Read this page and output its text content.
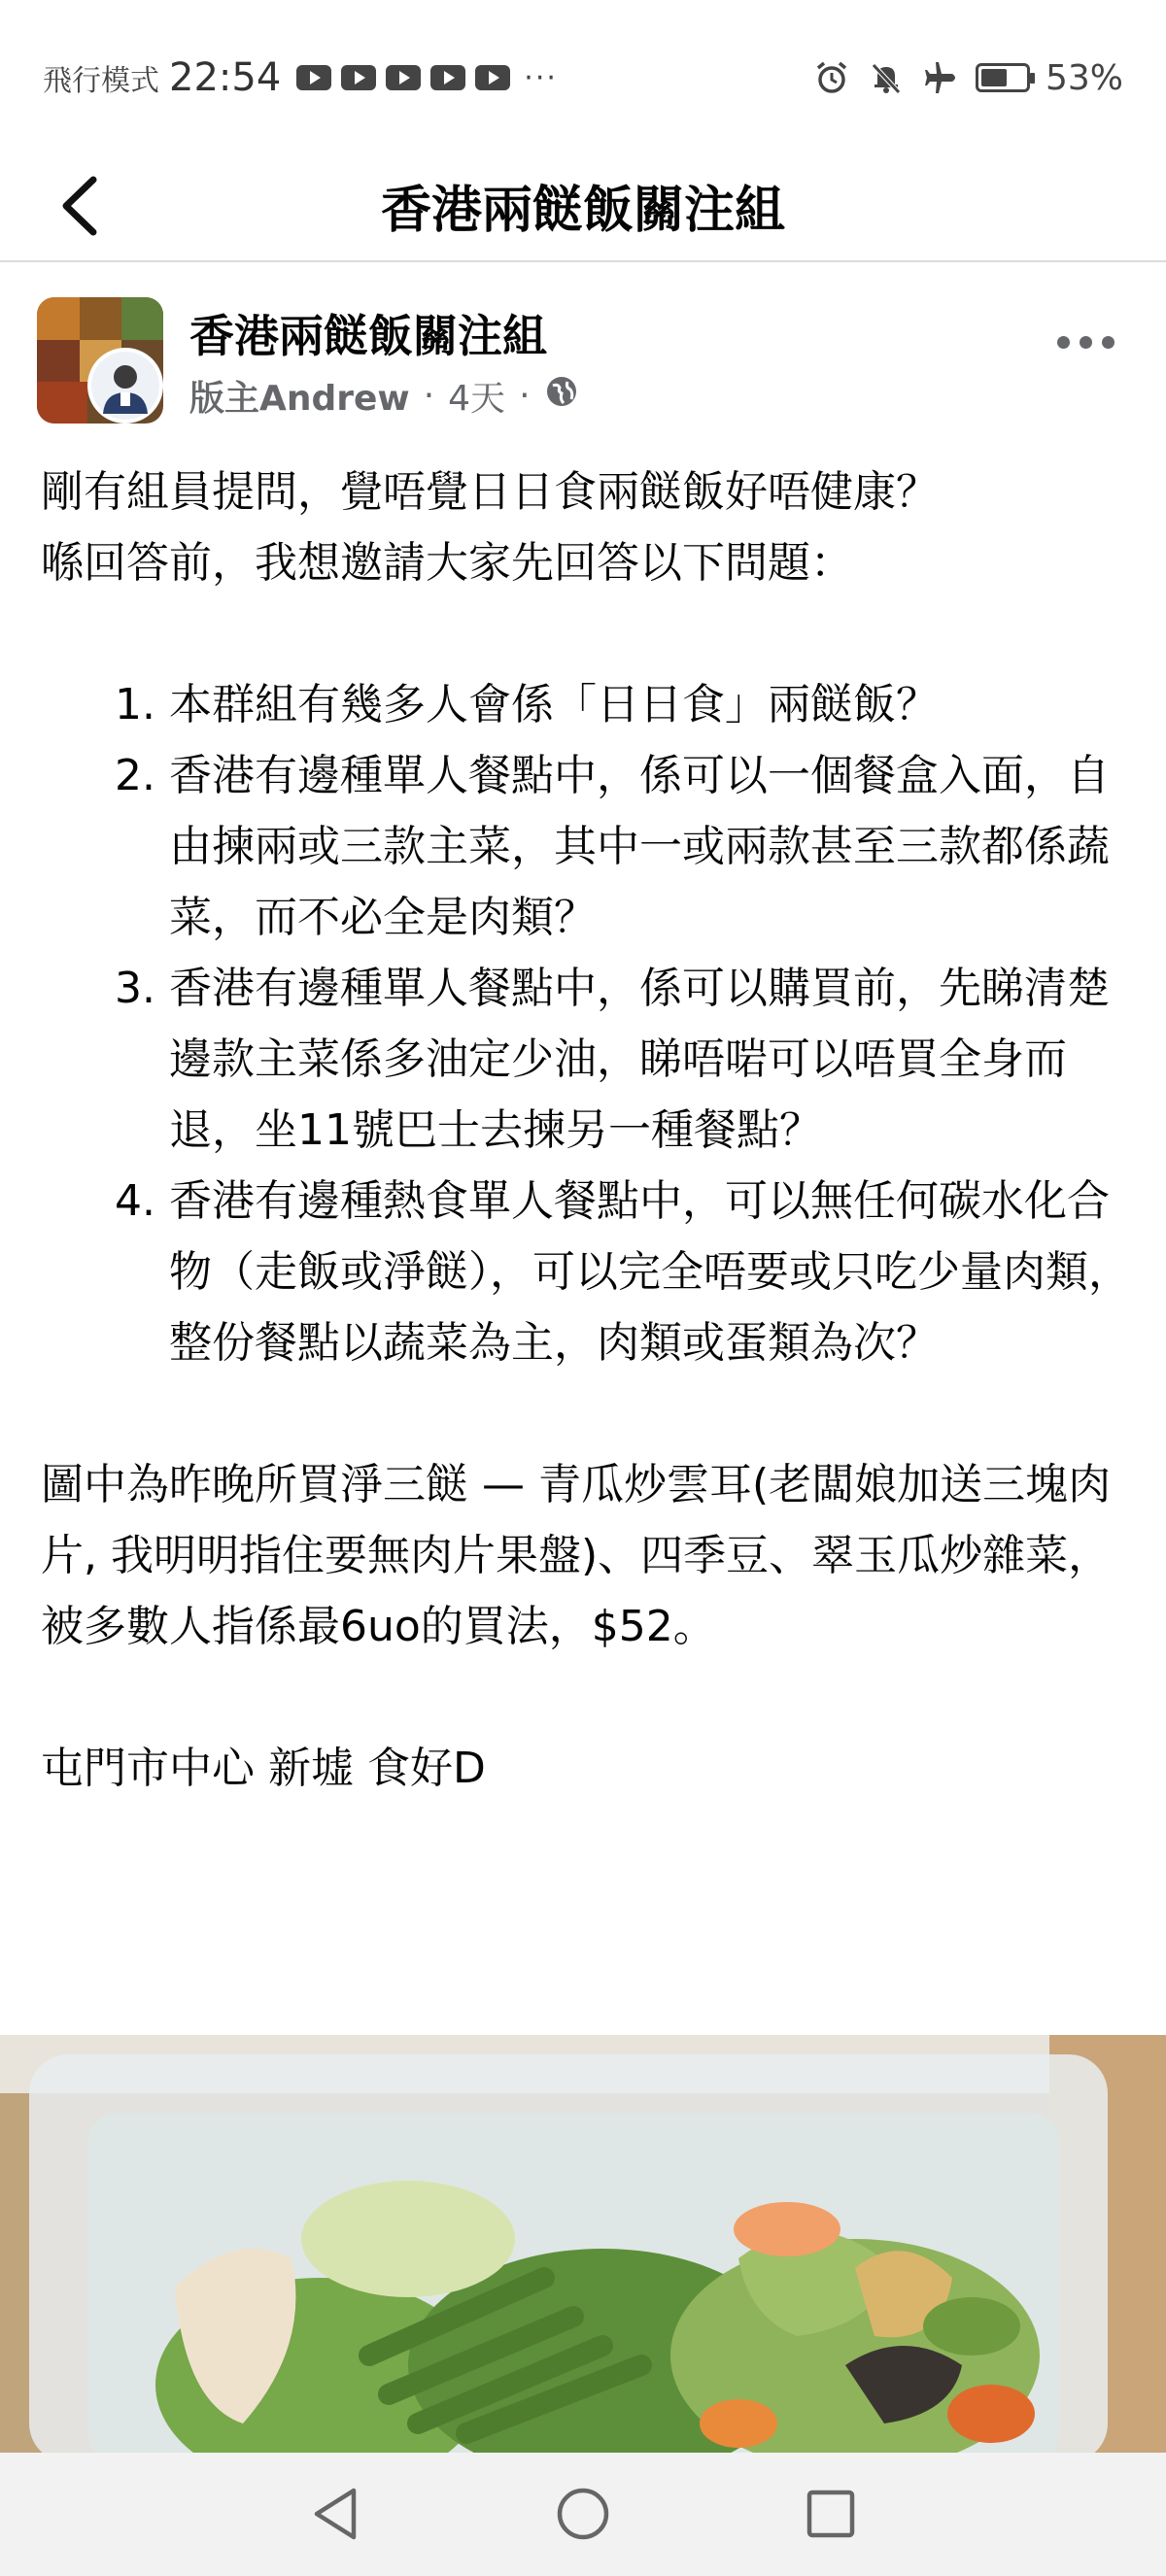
飛行模式 22:54	···	53%
香港兩餸飯關注組
香港兩餸飯關注組
版主Andrew · 4天 ·
剛有組員提問，覺唔覺日日食兩餸飯好唔健康？
喺回答前，我想邀請大家先回答以下問題：
1. 本群組有幾多人會係「日日食」兩餸飯？
2. 香港有邊種單人餐點中，係可以一個餐盒入面，自由揀兩或三款主菜，其中一或兩款甚至三款都係蔬菜，而不必全是肉類？
3. 香港有邊種單人餐點中，係可以購買前，先睇清楚邊款主菜係多油定少油，睇唔啱可以唔買全身而退，坐11號巴士去揀另一種餐點？
4. 香港有邊種熱食單人餐點中，可以無任何碳水化合物（走飯或淨餸），可以完全唔要或只吃少量肉類，整份餐點以蔬菜為主，肉類或蛋類為次？
圖中為昨晚所買淨三餸 — 青瓜炒雲耳(老闆娘加送三塊肉片, 我明明指住要無肉片果盤)、四季豆、翠玉瓜炒雜菜，被多數人指係最6uo的買法，$52。
屯門市中心 新墟 食好D
